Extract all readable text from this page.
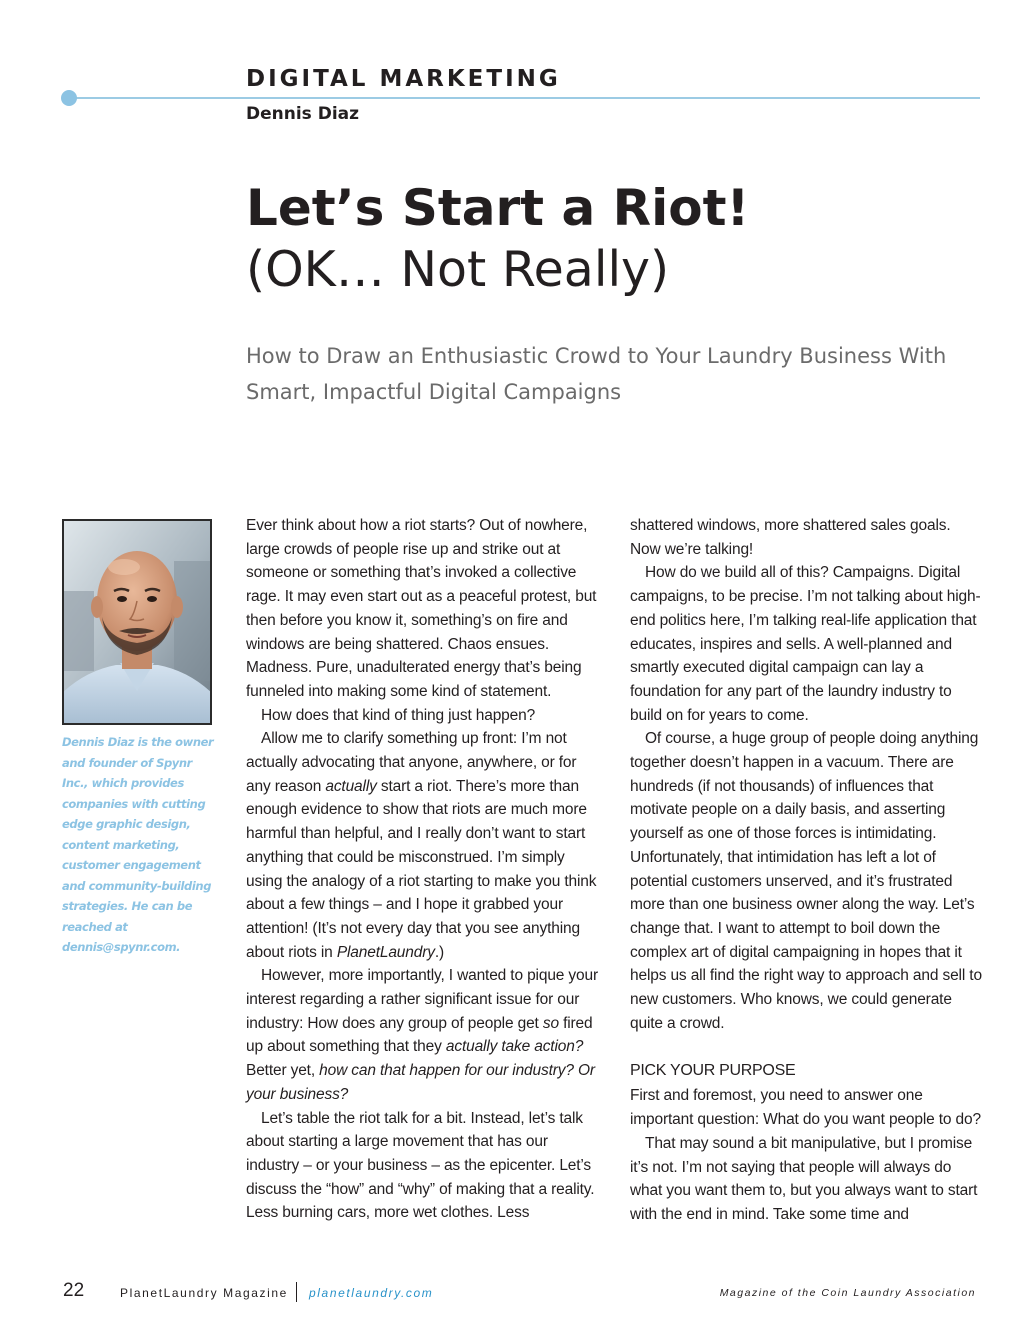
DIGITAL MARKETING
Dennis Diaz
Let’s Start a Riot!
(OK… Not Really)

How to Draw an Enthusiastic Crowd to Your Laundry Business With Smart, Impactful Digital Campaigns

Dennis Diaz is the owner and founder of Spynr Inc., which provides companies with cutting edge graphic design, content marketing, customer engagement and community-building strategies. He can be reached at dennis@spynr.com.

Ever think about how a riot starts? Out of nowhere, large crowds of people rise up and strike out at someone or something that’s invoked a collective rage. It may even start out as a peaceful protest, but then before you know it, something’s on fire and windows are being shattered. Chaos ensues. Madness. Pure, unadulterated energy that’s being funneled into making some kind of statement.

How does that kind of thing just happen?

Allow me to clarify something up front: I’m not actually advocating that anyone, anywhere, or for any reason actually start a riot. There’s more than enough evidence to show that riots are much more harmful than helpful, and I really don’t want to start anything that could be misconstrued. I’m simply using the analogy of a riot starting to make you think about a few things – and I hope it grabbed your attention! (It’s not every day that you see anything about riots in PlanetLaundry.)

However, more importantly, I wanted to pique your interest regarding a rather significant issue for our industry: How does any group of people get so fired up about something that they actually take action? Better yet, how can that happen for our industry? Or your business?

Let’s table the riot talk for a bit. Instead, let’s talk about starting a large movement that has our industry – or your business – as the epicenter. Let’s discuss the “how” and “why” of making that a reality. Less burning cars, more wet clothes. Less

shattered windows, more shattered sales goals. Now we’re talking!

How do we build all of this? Campaigns. Digital campaigns, to be precise. I’m not talking about high-end politics here, I’m talking real-life application that educates, inspires and sells. A well-planned and smartly executed digital campaign can lay a foundation for any part of the laundry industry to build on for years to come.

Of course, a huge group of people doing anything together doesn’t happen in a vacuum. There are hundreds (if not thousands) of influences that motivate people on a daily basis, and asserting yourself as one of those forces is intimidating. Unfortunately, that intimidation has left a lot of potential customers unserved, and it’s frustrated more than one business owner along the way. Let’s change that. I want to attempt to boil down the complex art of digital campaigning in hopes that it helps us all find the right way to approach and sell to new customers. Who knows, we could generate quite a crowd.

PICK YOUR PURPOSE

First and foremost, you need to answer one important question: What do you want people to do?

That may sound a bit manipulative, but I promise it’s not. I’m not saying that people will always do what you want them to, but you always want to start with the end in mind. Take some time and

22	PlanetLaundry Magazine planetlaundry.com	Magazine of the Coin Laundry Association
